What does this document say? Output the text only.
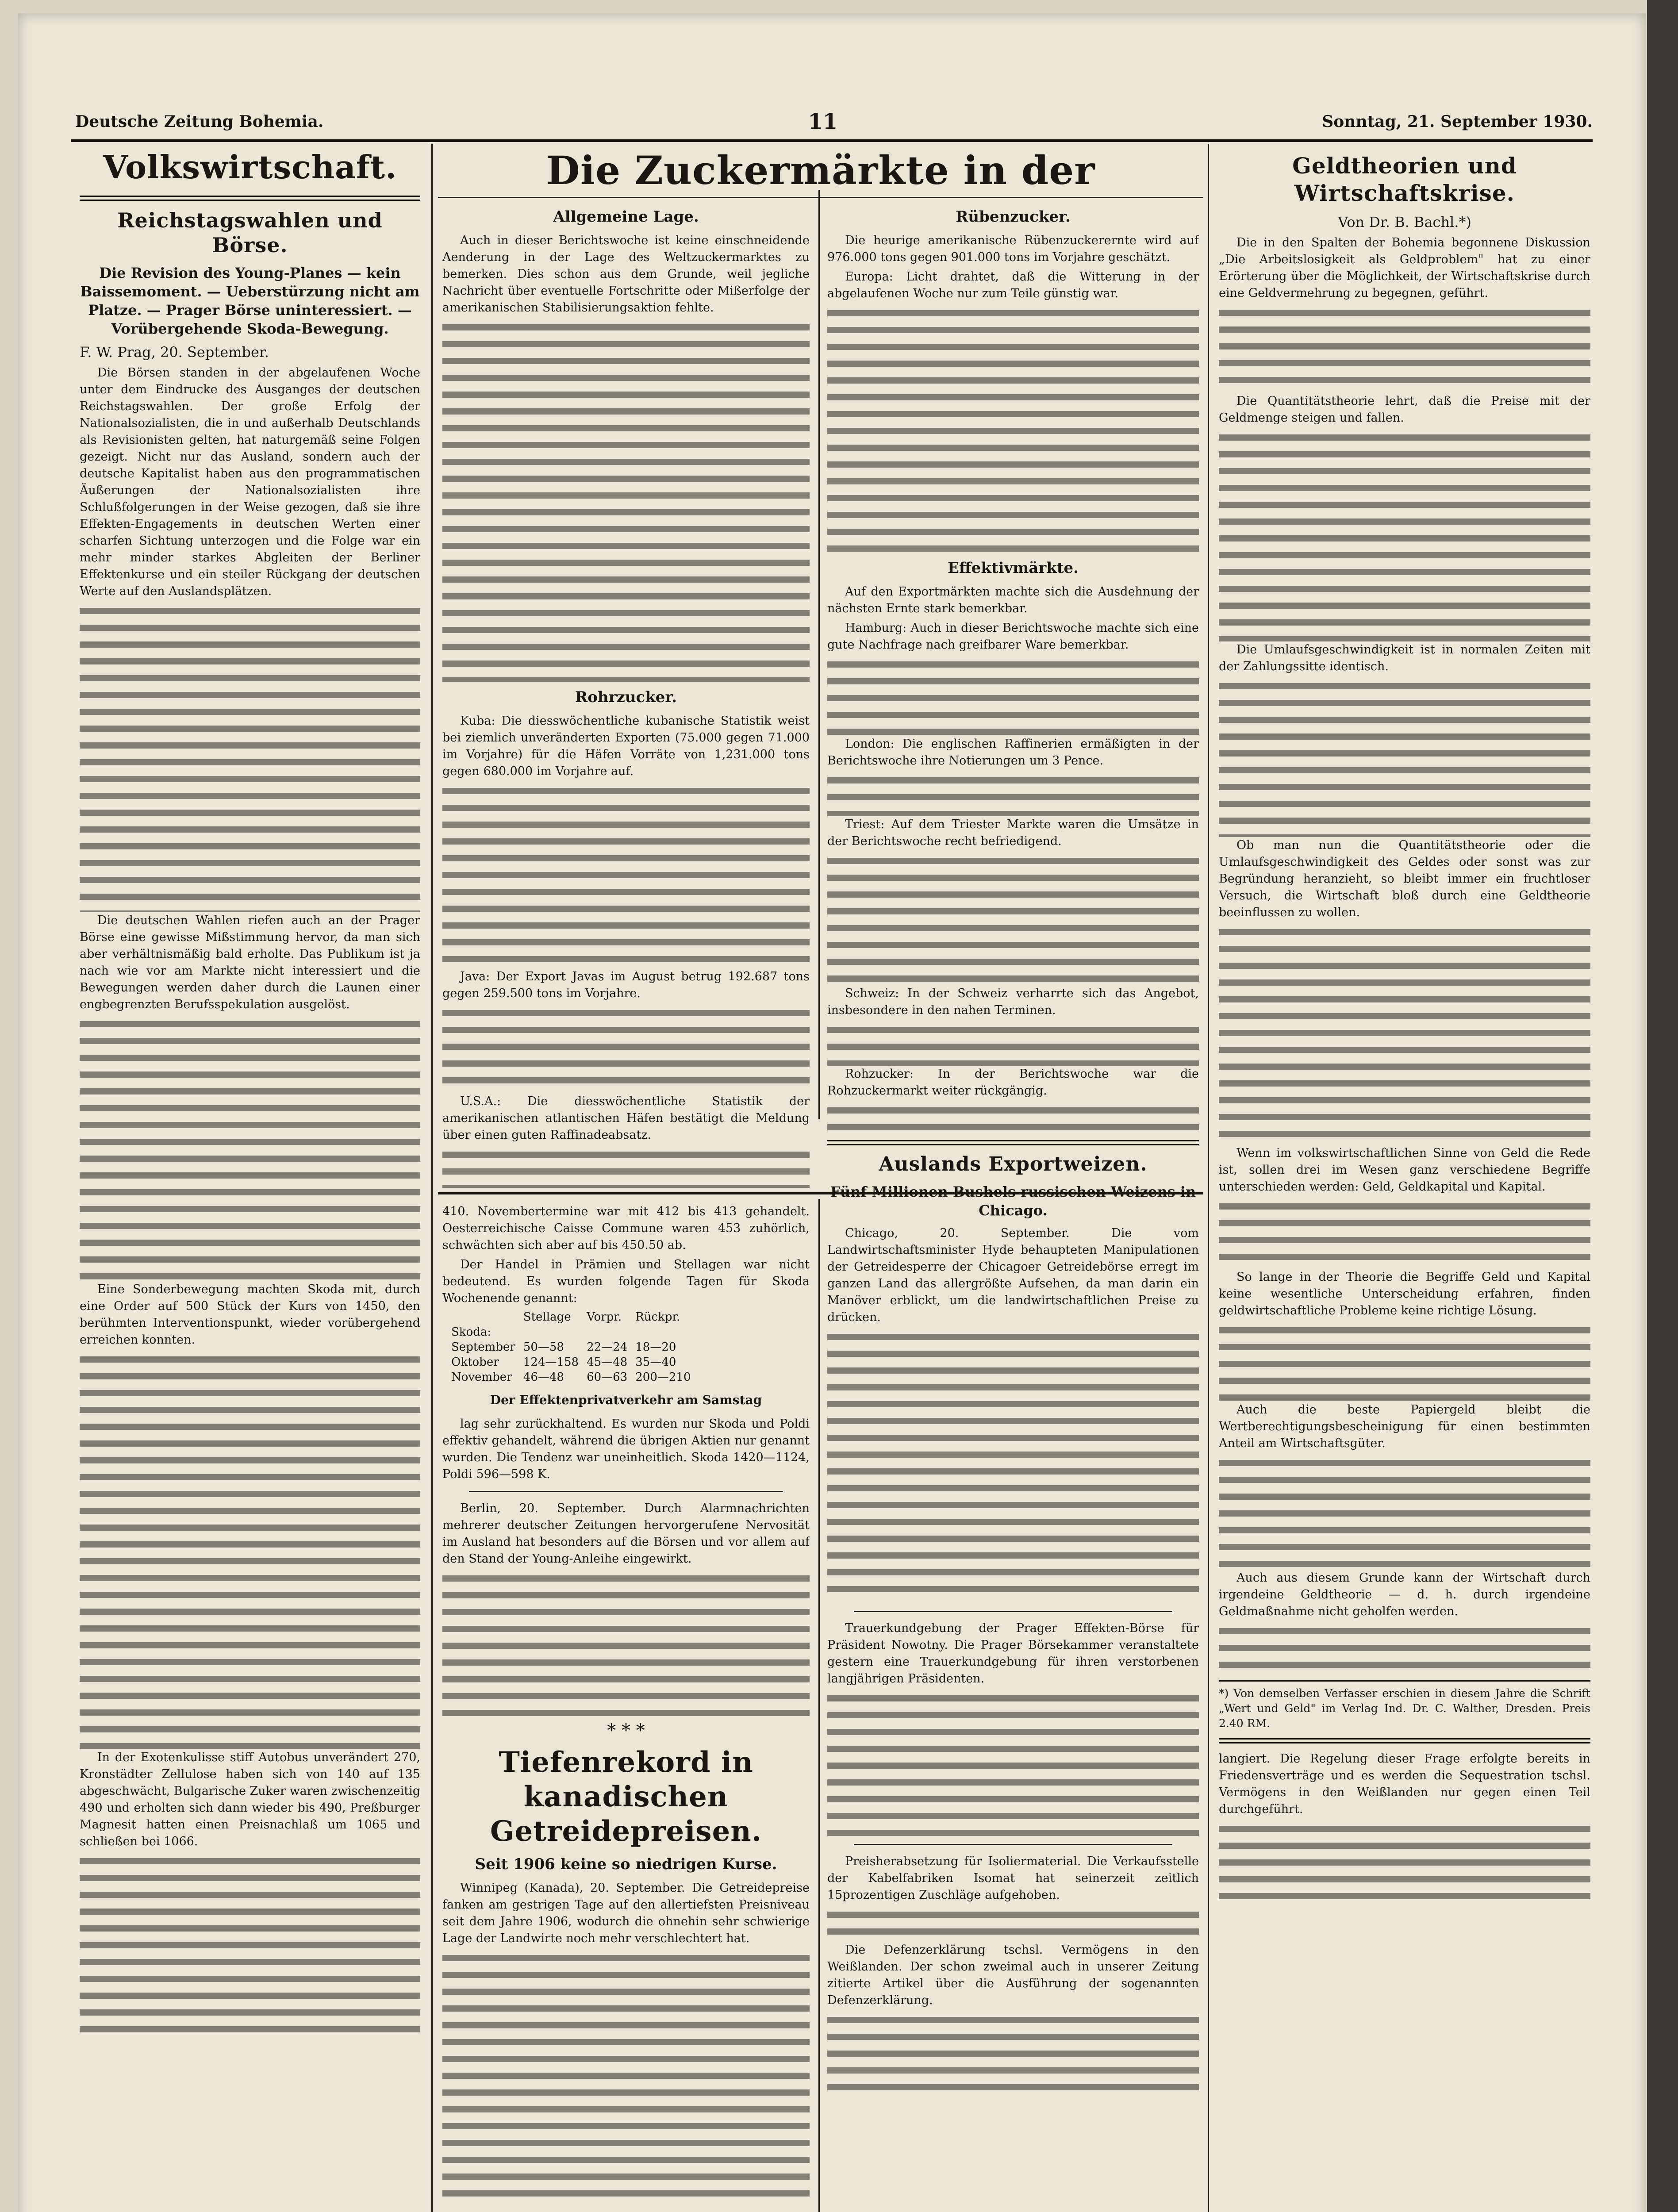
Deutsche Zeitung Bohemia.	11	Sonntag, 21. September 1930.
Volkswirtschaft.
Reichstagswahlen und Börse.
Die Revision des Young-Planes — kein Baissemoment. — Ueberstürzung nicht am Platze. — Prager Börse uninteressiert. — Vorübergehende Skoda-Bewegung.
F. W. Prag, 20. September.

Die Börsen standen in der abgelaufenen Woche unter dem Eindrucke des Ausganges der deutschen Reichstagswahlen. Der große Erfolg der Nationalsozialisten, die in und außerhalb Deutschlands als Revisionisten gelten, hat naturgemäß seine Folgen gezeigt. Nicht nur das Ausland, sondern auch der deutsche Kapitalist haben aus den programmatischen Äußerungen der Nationalsozialisten ihre Schlußfolgerungen in der Weise gezogen, daß sie ihre Effekten-Engagements in deutschen Werten einer scharfen Sichtung unterzogen und die Folge war ein mehr minder starkes Abgleiten der Berliner Effektenkurse und ein steiler Rückgang der deutschen Werte auf den Auslandsplätzen.

Die deutschen Wahlen riefen auch an der Prager Börse eine gewisse Mißstimmung hervor, da man sich aber verhältnismäßig bald erholte. Das Publikum ist ja nach wie vor am Markte nicht interessiert und die Bewegungen werden daher durch die Launen einer engbegrenzten Berufsspekulation ausgelöst.

Eine Sonderbewegung machten Skoda mit, durch eine Order auf 500 Stück der Kurs von 1450, den berühmten Interventionspunkt, wieder vorübergehend erreichen konnten.

In der Exotenkulisse stiff Autobus unverändert 270, Kronstädter Zellulose haben sich von 140 auf 135 abgeschwächt, Bulgarische Zuker waren zwischenzeitig 490 und erholten sich dann wieder bis 490, Preßburger Magnesit hatten einen Preisnachlaß um 1065 und schließen bei 1066.

Die Zuckermärkte in der
Allgemeine Lage.

Auch in dieser Berichtswoche ist keine einschneidende Aenderung in der Lage des Weltzuckermarktes zu bemerken. Dies schon aus dem Grunde, weil jegliche Nachricht über eventuelle Fortschritte oder Mißerfolge der amerikanischen Stabilisierungsaktion fehlte.

Rohrzucker.

Kuba: Die diesswöchentliche kubanische Statistik weist bei ziemlich unveränderten Exporten (75.000 gegen 71.000 im Vorjahre) für die Häfen Vorräte von 1,231.000 tons gegen 680.000 im Vorjahre auf.

Java: Der Export Javas im August betrug 192.687 tons gegen 259.500 tons im Vorjahre.

U.S.A.: Die diesswöchentliche Statistik der amerikanischen atlantischen Häfen bestätigt die Meldung über einen guten Raffinadeabsatz.

410. Novembertermine war mit 412 bis 413 gehandelt. Oesterreichische Caisse Commune waren 453 zuhörlich, schwächten sich aber auf bis 450.50 ab.

Der Handel in Prämien und Stellagen war nicht bedeutend. Es wurden folgende Tagen für Skoda Wochenende genannt:

	Stellage	Vorpr.	Rückpr.
Skoda:			
September	50—58	22—24	18—20
Oktober	124—158	45—48	35—40
November	46—48	60—63	200—210
Der Effektenprivatverkehr am Samstag

lag sehr zurückhaltend. Es wurden nur Skoda und Poldi effektiv gehandelt, während die übrigen Aktien nur genannt wurden. Die Tendenz war uneinheitlich. Skoda 1420—1124, Poldi 596—598 K.

Berlin, 20. September. Durch Alarmnachrichten mehrerer deutscher Zeitungen hervorgerufene Nervosität im Ausland hat besonders auf die Börsen und vor allem auf den Stand der Young-Anleihe eingewirkt.

* * *
Tiefenrekord in kanadischen Getreidepreisen.
Seit 1906 keine so niedrigen Kurse.

Winnipeg (Kanada), 20. September. Die Getreidepreise fanken am gestrigen Tage auf den allertiefsten Preisniveau seit dem Jahre 1906, wodurch die ohnehin sehr schwierige Lage der Landwirte noch mehr verschlechtert hat.

Rübenzucker.

Die heurige amerikanische Rübenzuckerernte wird auf 976.000 tons gegen 901.000 tons im Vorjahre geschätzt.

Europa: Licht drahtet, daß die Witterung in der abgelaufenen Woche nur zum Teile günstig war.

Effektivmärkte.

Auf den Exportmärkten machte sich die Ausdehnung der nächsten Ernte stark bemerkbar.

Hamburg: Auch in dieser Berichtswoche machte sich eine gute Nachfrage nach greifbarer Ware bemerkbar.

London: Die englischen Raffinerien ermäßigten in der Berichtswoche ihre Notierungen um 3 Pence.

Triest: Auf dem Triester Markte waren die Umsätze in der Berichtswoche recht befriedigend.

Schweiz: In der Schweiz verharrte sich das Angebot, insbesondere in den nahen Terminen.

Rohzucker: In der Berichtswoche war die Rohzuckermarkt weiter rückgängig.

Auslands Exportweizen.
Fünf Millionen Bushels russischen Weizens in Chicago.

Chicago, 20. September. Die vom Landwirtschaftsminister Hyde behaupteten Manipulationen der Getreidesperre der Chicagoer Getreidebörse erregt im ganzen Land das allergrößte Aufsehen, da man darin ein Manöver erblickt, um die landwirtschaftlichen Preise zu drücken.

Trauerkundgebung der Prager Effekten-Börse für Präsident Nowotny. Die Prager Börsekammer veranstaltete gestern eine Trauerkundgebung für ihren verstorbenen langjährigen Präsidenten.

Preisherabsetzung für Isoliermaterial. Die Verkaufsstelle der Kabelfabriken Isomat hat seinerzeit zeitlich 15prozentigen Zuschläge aufgehoben.

Die Defenzerklärung tschsl. Vermögens in den Weißlanden. Der schon zweimal auch in unserer Zeitung zitierte Artikel über die Ausführung der sogenannten Defenzerklärung.

Geldtheorien und Wirtschaftskrise.
Von Dr. B. Bachl.*)

Die in den Spalten der Bohemia begonnene Diskussion „Die Arbeitslosigkeit als Geldproblem" hat zu einer Erörterung über die Möglichkeit, der Wirtschaftskrise durch eine Geldvermehrung zu begegnen, geführt.

Die Quantitätstheorie lehrt, daß die Preise mit der Geldmenge steigen und fallen.

Die Umlaufsgeschwindigkeit ist in normalen Zeiten mit der Zahlungssitte identisch.

Ob man nun die Quantitätstheorie oder die Umlaufsgeschwindigkeit des Geldes oder sonst was zur Begründung heranzieht, so bleibt immer ein fruchtloser Versuch, die Wirtschaft bloß durch eine Geldtheorie beeinflussen zu wollen.

Wenn im volkswirtschaftlichen Sinne von Geld die Rede ist, sollen drei im Wesen ganz verschiedene Begriffe unterschieden werden: Geld, Geldkapital und Kapital.

So lange in der Theorie die Begriffe Geld und Kapital keine wesentliche Unterscheidung erfahren, finden geldwirtschaftliche Probleme keine richtige Lösung.

Auch die beste Papiergeld bleibt die Wertberechtigungsbescheinigung für einen bestimmten Anteil am Wirtschaftsgüter.

Auch aus diesem Grunde kann der Wirtschaft durch irgendeine Geldtheorie — d. h. durch irgendeine Geldmaßnahme nicht geholfen werden.

*) Von demselben Verfasser erschien in diesem Jahre die Schrift „Wert und Geld" im Verlag Ind. Dr. C. Walther, Dresden. Preis 2.40 RM.

langiert. Die Regelung dieser Frage erfolgte bereits in Friedensverträge und es werden die Sequestration tschsl. Vermögens in den Weißlanden nur gegen einen Teil durchgeführt.
